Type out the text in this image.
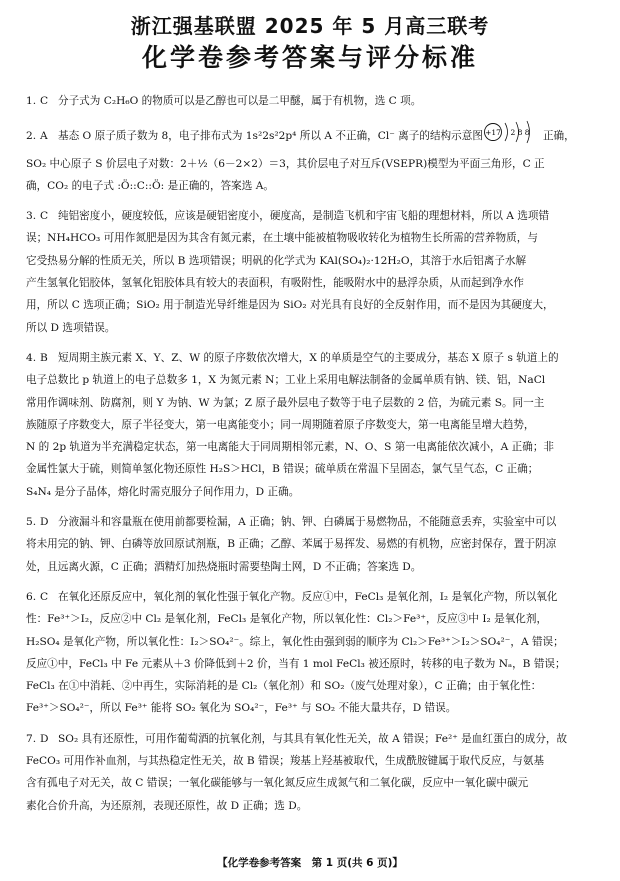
浙江强基联盟 2025 年 5 月高三联考
化学卷参考答案与评分标准

1. C 分子式为 C₂H₆O 的物质可以是乙醇也可以是二甲醚，属于有机物，选 C 项。

2. A 基态 O 原子质子数为 8，电子排布式为 1s²2s²2p⁴ 所以 A 不正确，Cl⁻ 离子的结构示意图 +17 2 8 8 正确，

SO₂ 中心原子 S 价层电子对数：2＋½（6－2×2）＝3，其价层电子对互斥(VSEPR)模型为平面三角形，C 正

确，CO₂ 的电子式 :Ö::C::Ö: 是正确的，答案选 A。

3. C 纯铝密度小，硬度较低，应该是硬铝密度小，硬度高，是制造飞机和宇宙飞船的理想材料，所以 A 选项错

误；NH₄HCO₃ 可用作氮肥是因为其含有氮元素，在土壤中能被植物吸收转化为植物生长所需的营养物质，与

它受热易分解的性质无关，所以 B 选项错误；明矾的化学式为 KAl(SO₄)₂·12H₂O，其溶于水后铝离子水解

产生氢氧化铝胶体，氢氧化铝胶体具有较大的表面积，有吸附性，能吸附水中的悬浮杂质，从而起到净水作

用，所以 C 选项正确；SiO₂ 用于制造光导纤维是因为 SiO₂ 对光具有良好的全反射作用，而不是因为其硬度大，

所以 D 选项错误。

4. B 短周期主族元素 X、Y、Z、W 的原子序数依次增大，X 的单质是空气的主要成分，基态 X 原子 s 轨道上的

电子总数比 p 轨道上的电子总数多 1，X 为氮元素 N；工业上采用电解法制备的金属单质有钠、镁、铝，NaCl

常用作调味剂、防腐剂，则 Y 为钠、W 为氯；Z 原子最外层电子数等于电子层数的 2 倍，为硫元素 S。同一主

族随原子序数变大，原子半径变大，第一电离能变小；同一周期随着原子序数变大，第一电离能呈增大趋势，

N 的 2p 轨道为半充满稳定状态，第一电离能大于同周期相邻元素，N、O、S 第一电离能依次减小，A 正确；非

金属性氯大于硫，则简单氢化物还原性 H₂S＞HCl，B 错误；硫单质在常温下呈固态，氯气呈气态，C 正确；

S₄N₄ 是分子晶体，熔化时需克服分子间作用力，D 正确。

5. D 分液漏斗和容量瓶在使用前都要检漏，A 正确；钠、钾、白磷属于易燃物品，不能随意丢弃，实验室中可以

将未用完的钠、钾、白磷等放回原试剂瓶，B 正确；乙醇、苯属于易挥发、易燃的有机物，应密封保存，置于阴凉

处，且远离火源，C 正确；酒精灯加热烧瓶时需要垫陶土网，D 不正确；答案选 D。

6. C 在氧化还原反应中，氧化剂的氧化性强于氧化产物。反应①中，FeCl₃ 是氧化剂，I₂ 是氧化产物，所以氧化

性：Fe³⁺＞I₂，反应②中 Cl₂ 是氧化剂，FeCl₃ 是氧化产物，所以氧化性：Cl₂＞Fe³⁺，反应③中 I₂ 是氧化剂，

H₂SO₄ 是氧化产物，所以氧化性：I₂＞SO₄²⁻。综上，氧化性由强到弱的顺序为 Cl₂＞Fe³⁺＞I₂＞SO₄²⁻，A 错误；

反应①中，FeCl₃ 中 Fe 元素从＋3 价降低到＋2 价，当有 1 mol FeCl₃ 被还原时，转移的电子数为 Nₐ，B 错误；

FeCl₃ 在①中消耗、②中再生，实际消耗的是 Cl₂（氧化剂）和 SO₂（废气处理对象），C 正确；由于氧化性：

Fe³⁺＞SO₄²⁻，所以 Fe³⁺ 能将 SO₂ 氧化为 SO₄²⁻，Fe³⁺ 与 SO₂ 不能大量共存，D 错误。

7. D SO₂ 具有还原性，可用作葡萄酒的抗氧化剂，与其具有氧化性无关，故 A 错误；Fe²⁺ 是血红蛋白的成分，故

FeCO₃ 可用作补血剂，与其热稳定性无关，故 B 错误；羧基上羟基被取代，生成酰胺键属于取代反应，与氨基

含有孤电子对无关，故 C 错误；一氧化碳能够与一氧化氮反应生成氮气和二氧化碳，反应中一氧化碳中碳元

素化合价升高，为还原剂，表现还原性，故 D 正确；选 D。

【化学卷参考答案　第 1 页(共 6 页)】
